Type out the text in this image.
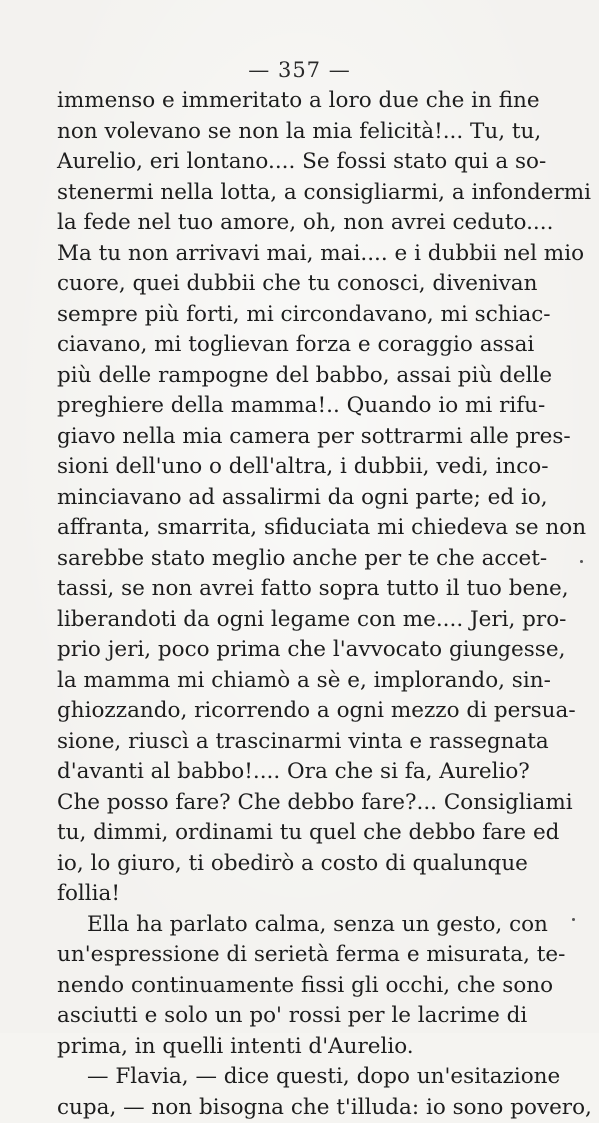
— 357 —
immenso e immeritato a loro due che in fine
non volevano se non la mia felicità!... Tu, tu,
Aurelio, eri lontano.... Se fossi stato qui a so-
stenermi nella lotta, a consigliarmi, a infondermi
la fede nel tuo amore, oh, non avrei ceduto....
Ma tu non arrivavi mai, mai.... e i dubbii nel mio
cuore, quei dubbii che tu conosci, divenivan
sempre più forti, mi circondavano, mi schiac-
ciavano, mi toglievan forza e coraggio assai
più delle rampogne del babbo, assai più delle
preghiere della mamma!.. Quando io mi rifu-
giavo nella mia camera per sottrarmi alle pres-
sioni dell'uno o dell'altra, i dubbii, vedi, inco-
minciavano ad assalirmi da ogni parte; ed io,
affranta, smarrita, sfiduciata mi chiedeva se non
sarebbe stato meglio anche per te che accet-
tassi, se non avrei fatto sopra tutto il tuo bene,
liberandoti da ogni legame con me.... Jeri, pro-
prio jeri, poco prima che l'avvocato giungesse,
la mamma mi chiamò a sè e, implorando, sin-
ghiozzando, ricorrendo a ogni mezzo di persua-
sione, riuscì a trascinarmi vinta e rassegnata
d'avanti al babbo!.... Ora che si fa, Aurelio?
Che posso fare? Che debbo fare?... Consigliami
tu, dimmi, ordinami tu quel che debbo fare ed
io, lo giuro, ti obedirò a costo di qualunque
follia!
Ella ha parlato calma, senza un gesto, con
un'espressione di serietà ferma e misurata, te-
nendo continuamente fissi gli occhi, che sono
asciutti e solo un po' rossi per le lacrime di
prima, in quelli intenti d'Aurelio.
— Flavia, — dice questi, dopo un'esitazione
cupa, — non bisogna che t'illuda: io sono povero,
